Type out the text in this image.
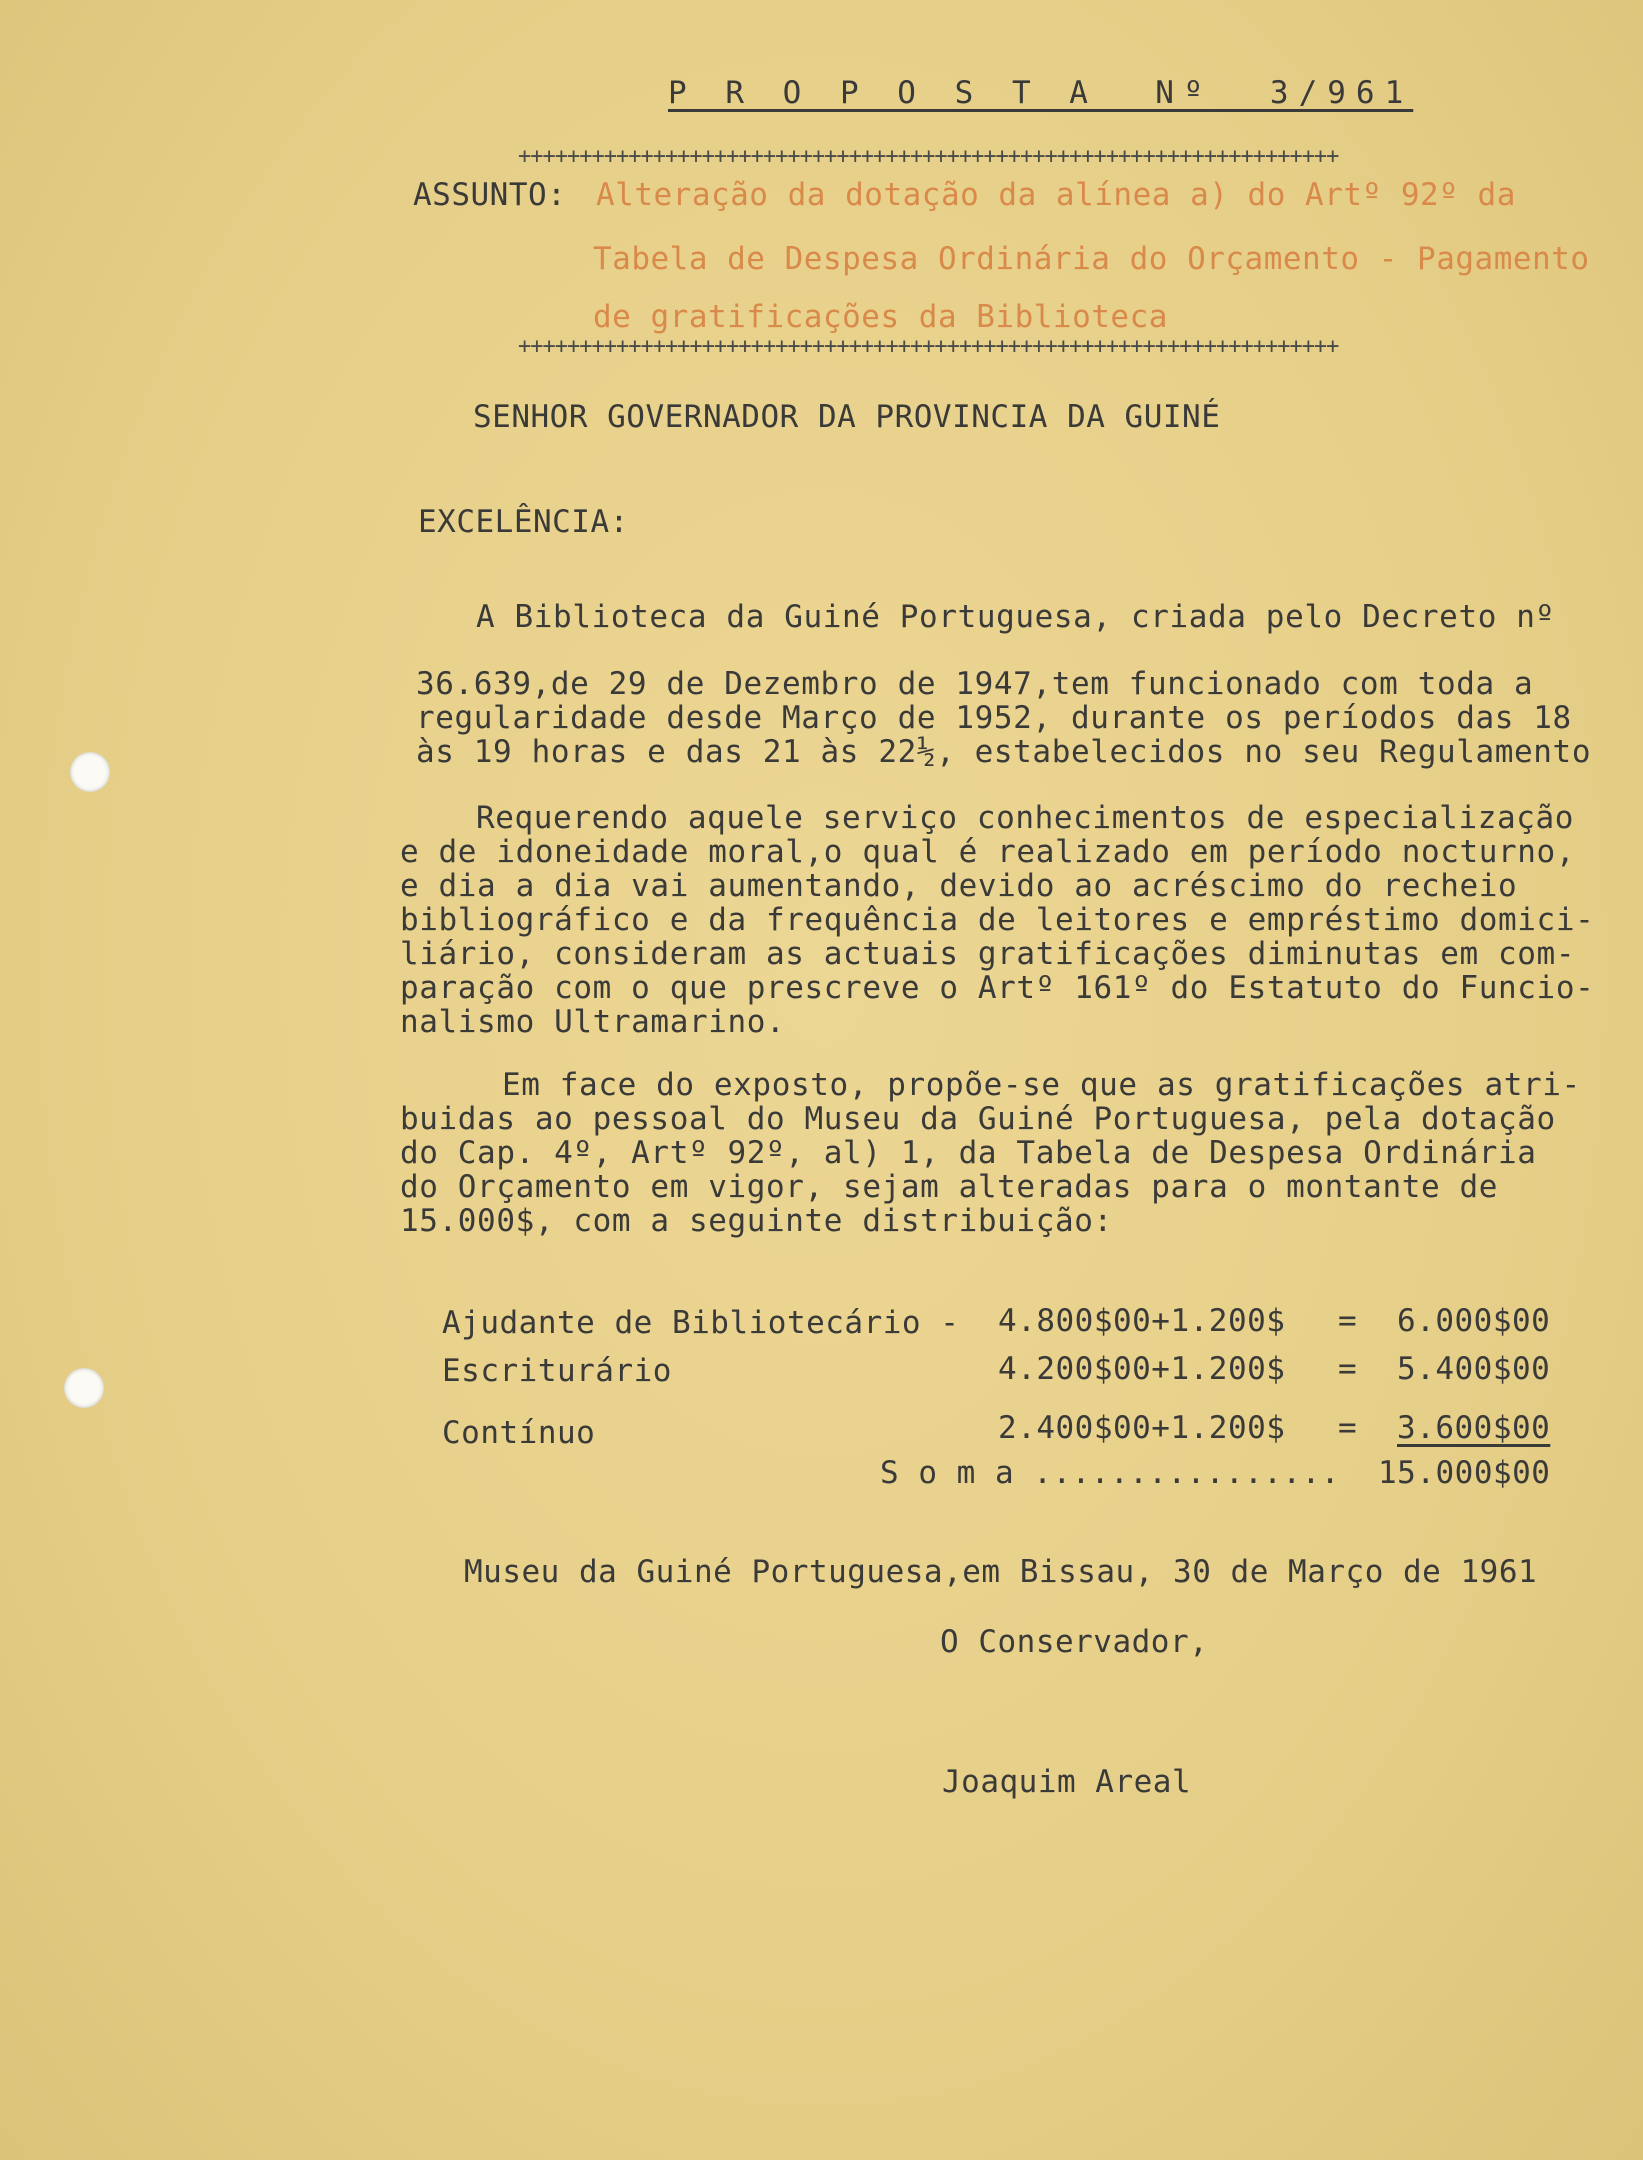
P R O P O S T A  Nº  3/961
+++++++++++++++++++++++++++++++++++++++++++++++++++++++++++++++++++
ASSUNTO: Alteração da dotação da alínea a) do Artº 92º da
Tabela de Despesa Ordinária do Orçamento - Pagamento
de gratificações da Biblioteca
+++++++++++++++++++++++++++++++++++++++++++++++++++++++++++++++++++
SENHOR GOVERNADOR DA PROVINCIA DA GUINÉ
EXCELÊNCIA:
A Biblioteca da Guiné Portuguesa, criada pelo Decreto nº
36.639,de 29 de Dezembro de 1947,tem funcionado com toda a
regularidade desde Março de 1952, durante os períodos das 18
às 19 horas e das 21 às 22½, estabelecidos no seu Regulamento
Requerendo aquele serviço conhecimentos de especialização
e de idoneidade moral,o qual é realizado em período nocturno,
e dia a dia vai aumentando, devido ao acréscimo do recheio
bibliográfico e da frequência de leitores e empréstimo domici-
liário, consideram as actuais gratificações diminutas em com-
paração com o que prescreve o Artº 161º do Estatuto do Funcio-
nalismo Ultramarino.
Em face do exposto, propõe-se que as gratificações atri-
buidas ao pessoal do Museu da Guiné Portuguesa, pela dotação
do Cap. 4º, Artº 92º, al) 1, da Tabela de Despesa Ordinária
do Orçamento em vigor, sejam alteradas para o montante de
15.000$, com a seguinte distribuição:
Ajudante de Bibliotecário - 4.800$00+1.200$ = 6.000$00
Escriturário	4.200$00+1.200$ = 5.400$00
Contínuo	2.400$00+1.200$ = 3.600$00
S o m a ................ 15.000$00
Museu da Guiné Portuguesa,em Bissau, 30 de Março de 1961
O Conservador,
Joaquim Areal
